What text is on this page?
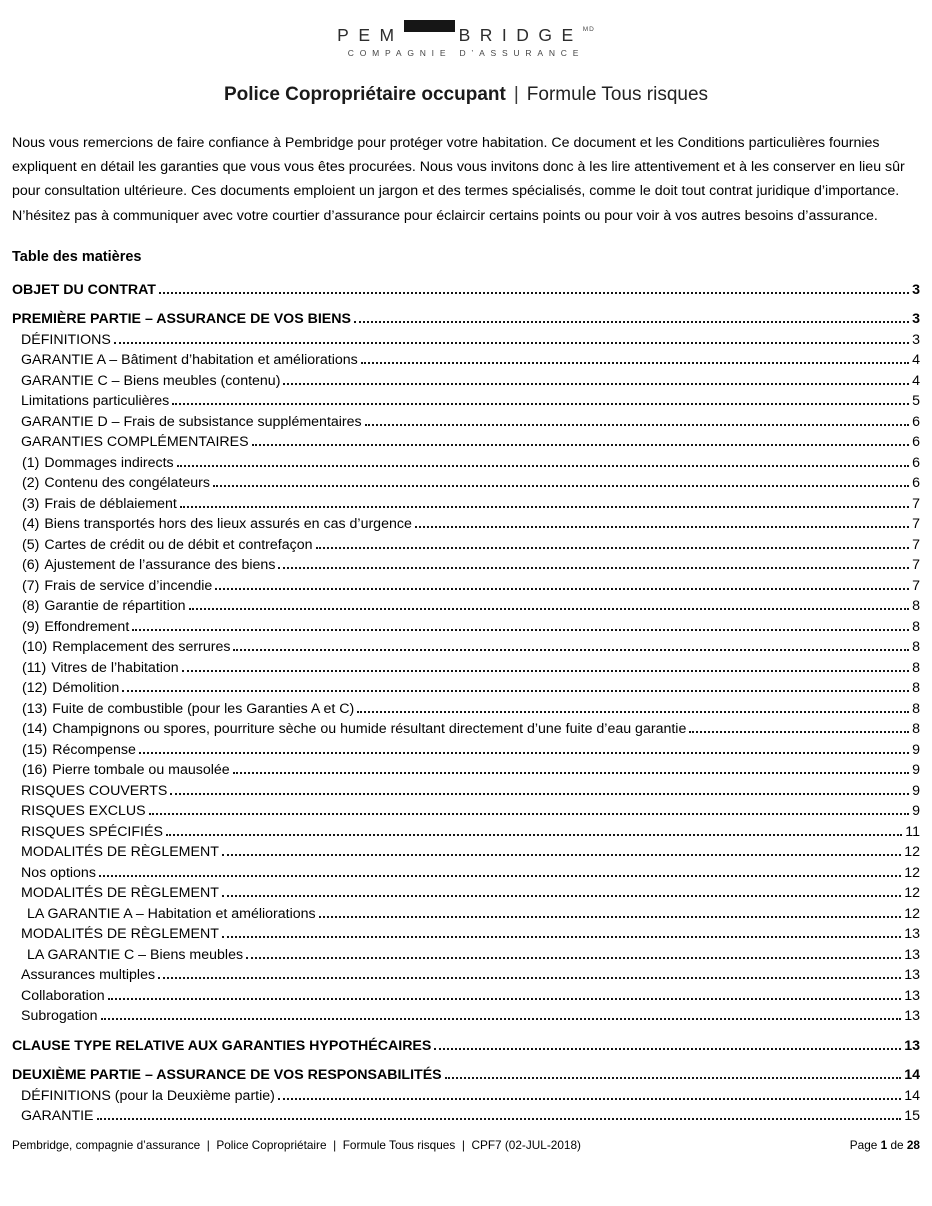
PEM	BRIDGE MD
COMPAGNIE D’ASSURANCE
Police Copropriétaire occupant | Formule Tous risques

Nous vous remercions de faire confiance à Pembridge pour protéger votre habitation. Ce document et les Conditions particulières fournies expliquent en détail les garanties que vous vous êtes procurées. Nous vous invitons donc à les lire attentivement et à les conserver en lieu sûr pour consultation ultérieure. Ces documents emploient un jargon et des termes spécialisés, comme le doit tout contrat juridique d’importance. N’hésitez pas à communiquer avec votre courtier d’assurance pour éclaircir certains points ou pour voir à vos autres besoins d’assurance.

Table des matières
OBJET DU CONTRAT	3
PREMIÈRE PARTIE – ASSURANCE DE VOS BIENS	3
DÉFINITIONS	3
GARANTIE A – Bâtiment d’habitation et améliorations	4
GARANTIE C – Biens meubles (contenu)	4
Limitations particulières	5
GARANTIE D – Frais de subsistance supplémentaires	6
GARANTIES COMPLÉMENTAIRES	6
(1) Dommages indirects	6
(2) Contenu des congélateurs	6
(3) Frais de déblaiement	7
(4) Biens transportés hors des lieux assurés en cas d’urgence	7
(5) Cartes de crédit ou de débit et contrefaçon	7
(6) Ajustement de l’assurance des biens	7
(7) Frais de service d’incendie	7
(8) Garantie de répartition	8
(9) Effondrement	8
(10) Remplacement des serrures	8
(11) Vitres de l’habitation	8
(12) Démolition	8
(13) Fuite de combustible (pour les Garanties A et C)	8
(14) Champignons ou spores, pourriture sèche ou humide résultant directement d’une fuite d’eau garantie	8
(15) Récompense	9
(16) Pierre tombale ou mausolée	9
RISQUES COUVERTS	9
RISQUES EXCLUS	9
RISQUES SPÉCIFIÉS	11
MODALITÉS DE RÈGLEMENT	12
Nos options	12
MODALITÉS DE RÈGLEMENT	12
LA GARANTIE A – Habitation et améliorations	12
MODALITÉS DE RÈGLEMENT	13
LA GARANTIE C – Biens meubles	13
Assurances multiples	13
Collaboration	13
Subrogation	13
CLAUSE TYPE RELATIVE AUX GARANTIES HYPOTHÉCAIRES	13
DEUXIÈME PARTIE – ASSURANCE DE VOS RESPONSABILITÉS	14
DÉFINITIONS (pour la Deuxième partie)	14
GARANTIE	15
Pembridge, compagnie d’assurance  |  Police Copropriétaire  |  Formule Tous risques  |  CPF7 (02-JUL-2018)	Page 1 de 28
